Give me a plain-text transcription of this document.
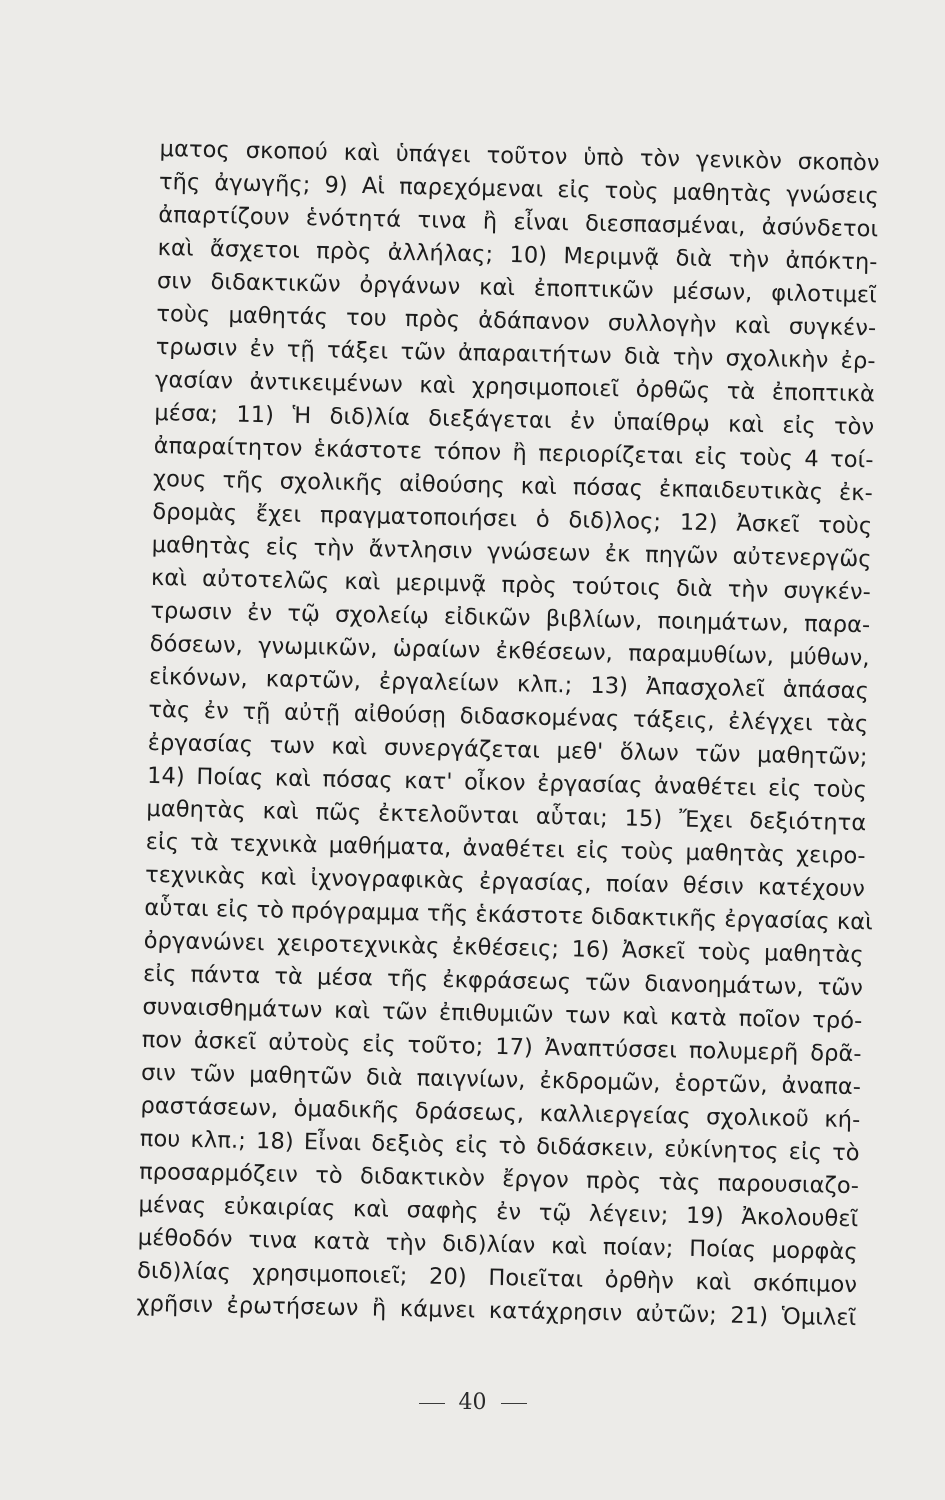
ματος σκοπού καὶ ὑπάγει τοῦτον ὑπὸ τὸν γενικὸν σκοπὸν
τῆς ἀγωγῆς; 9) Αἱ παρεχόμεναι εἰς τοὺς μαθητὰς γνώσεις
ἀπαρτίζουν ἑνότητά τινα ἢ εἶναι διεσπασμέναι, ἀσύνδετοι
καὶ ἄσχετοι πρὸς ἀλλήλας; 10) Μεριμνᾷ διὰ τὴν ἀπόκτη-
σιν διδακτικῶν ὀργάνων καὶ ἐποπτικῶν μέσων, φιλοτιμεῖ
τοὺς μαθητάς του πρὸς ἀδάπανον συλλογὴν καὶ συγκέν-
τρωσιν ἐν τῇ τάξει τῶν ἀπαραιτήτων διὰ τὴν σχολικὴν ἐρ-
γασίαν ἀντικειμένων καὶ χρησιμοποιεῖ ὀρθῶς τὰ ἐποπτικὰ
μέσα; 11) Ἡ διδ)λία διεξάγεται ἐν ὑπαίθρῳ καὶ εἰς τὸν
ἀπαραίτητον ἑκάστοτε τόπον ἢ περιορίζεται εἰς τοὺς 4 τοί-
χους τῆς σχολικῆς αἰθούσης καὶ πόσας ἐκπαιδευτικὰς ἐκ-
δρομὰς ἔχει πραγματοποιήσει ὁ διδ)λος; 12) Ἀσκεῖ τοὺς
μαθητὰς εἰς τὴν ἄντλησιν γνώσεων ἐκ πηγῶν αὐτενεργῶς
καὶ αὐτοτελῶς καὶ μεριμνᾷ πρὸς τούτοις διὰ τὴν συγκέν-
τρωσιν ἐν τῷ σχολείῳ εἰδικῶν βιβλίων, ποιημάτων, παρα-
δόσεων, γνωμικῶν, ὡραίων ἐκθέσεων, παραμυθίων, μύθων,
εἰκόνων, καρτῶν, ἐργαλείων κλπ.; 13) Ἀπασχολεῖ ἁπάσας
τὰς ἐν τῇ αὐτῇ αἰθούσῃ διδασκομένας τάξεις, ἐλέγχει τὰς
ἐργασίας των καὶ συνεργάζεται μεθ' ὅλων τῶν μαθητῶν;
14) Ποίας καὶ πόσας κατ' οἶκον ἐργασίας ἀναθέτει εἰς τοὺς
μαθητὰς καὶ πῶς ἐκτελοῦνται αὗται; 15) Ἔχει δεξιότητα
εἰς τὰ τεχνικὰ μαθήματα, ἀναθέτει εἰς τοὺς μαθητὰς χειρο-
τεχνικὰς καὶ ἰχνογραφικὰς ἐργασίας, ποίαν θέσιν κατέχουν
αὗται εἰς τὸ πρόγραμμα τῆς ἑκάστοτε διδακτικῆς ἐργασίας καὶ
ὀργανώνει χειροτεχνικὰς ἐκθέσεις; 16) Ἀσκεῖ τοὺς μαθητὰς
εἰς πάντα τὰ μέσα τῆς ἐκφράσεως τῶν διανοημάτων, τῶν
συναισθημάτων καὶ τῶν ἐπιθυμιῶν των καὶ κατὰ ποῖον τρό-
πον ἀσκεῖ αὐτοὺς εἰς τοῦτο; 17) Ἀναπτύσσει πολυμερῆ δρᾶ-
σιν τῶν μαθητῶν διὰ παιγνίων, ἐκδρομῶν, ἑορτῶν, ἀναπα-
ραστάσεων, ὁμαδικῆς δράσεως, καλλιεργείας σχολικοῦ κή-
που κλπ.; 18) Εἶναι δεξιὸς εἰς τὸ διδάσκειν, εὐκίνητος εἰς τὸ
προσαρμόζειν τὸ διδακτικὸν ἔργον πρὸς τὰς παρουσιαζο-
μένας εὐκαιρίας καὶ σαφὴς ἐν τῷ λέγειν; 19) Ἀκολουθεῖ
μέθοδόν τινα κατὰ τὴν διδ)λίαν καὶ ποίαν; Ποίας μορφὰς
διδ)λίας χρησιμοποιεῖ; 20) Ποιεῖται ὀρθὴν καὶ σκόπιμον
χρῆσιν ἐρωτήσεων ἢ κάμνει κατάχρησιν αὐτῶν; 21) Ὁμιλεῖ
40
